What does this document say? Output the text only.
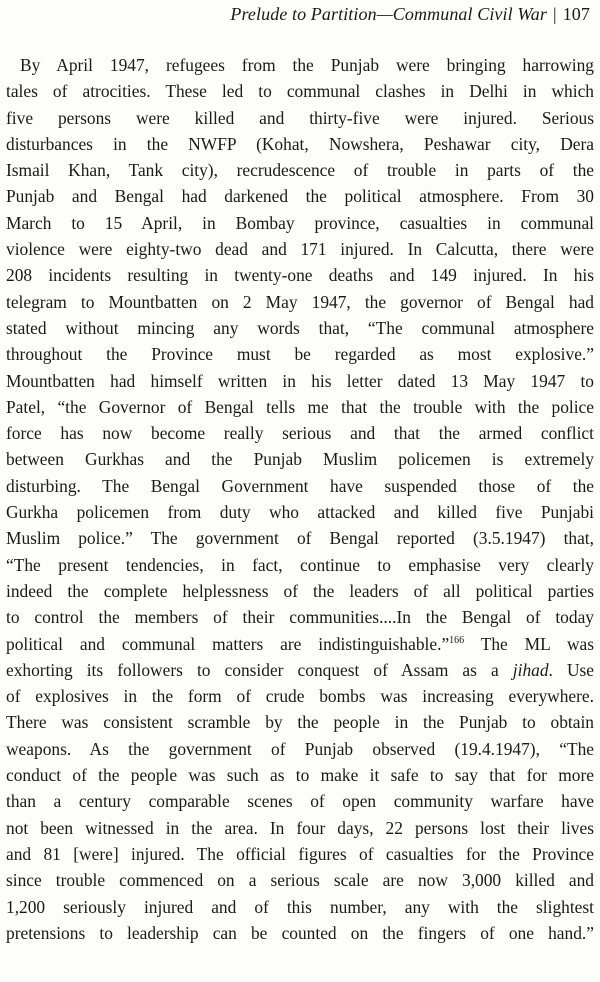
Prelude to Partition—Communal Civil War | 107
By April 1947, refugees from the Punjab were bringing harrowing
tales of atrocities. These led to communal clashes in Delhi in which
five persons were killed and thirty-five were injured. Serious
disturbances in the NWFP (Kohat, Nowshera, Peshawar city, Dera
Ismail Khan, Tank city), recrudescence of trouble in parts of the
Punjab and Bengal had darkened the political atmosphere. From 30
March to 15 April, in Bombay province, casualties in communal
violence were eighty-two dead and 171 injured. In Calcutta, there were
208 incidents resulting in twenty-one deaths and 149 injured. In his
telegram to Mountbatten on 2 May 1947, the governor of Bengal had
stated without mincing any words that, “The communal atmosphere
throughout the Province must be regarded as most explosive.”
Mountbatten had himself written in his letter dated 13 May 1947 to
Patel, “the Governor of Bengal tells me that the trouble with the police
force has now become really serious and that the armed conflict
between Gurkhas and the Punjab Muslim policemen is extremely
disturbing. The Bengal Government have suspended those of the
Gurkha policemen from duty who attacked and killed five Punjabi
Muslim police.” The government of Bengal reported (3.5.1947) that,
“The present tendencies, in fact, continue to emphasise very clearly
indeed the complete helplessness of the leaders of all political parties
to control the members of their communities....In the Bengal of today
political and communal matters are indistinguishable.”$^{166}$ The ML was
exhorting its followers to consider conquest of Assam as a jihad. Use
of explosives in the form of crude bombs was increasing everywhere.
There was consistent scramble by the people in the Punjab to obtain
weapons. As the government of Punjab observed (19.4.1947), “The
conduct of the people was such as to make it safe to say that for more
than a century comparable scenes of open community warfare have
not been witnessed in the area. In four days, 22 persons lost their lives
and 81 [were] injured. The official figures of casualties for the Province
since trouble commenced on a serious scale are now 3,000 killed and
1,200 seriously injured and of this number, any with the slightest
pretensions to leadership can be counted on the fingers of one hand.”
